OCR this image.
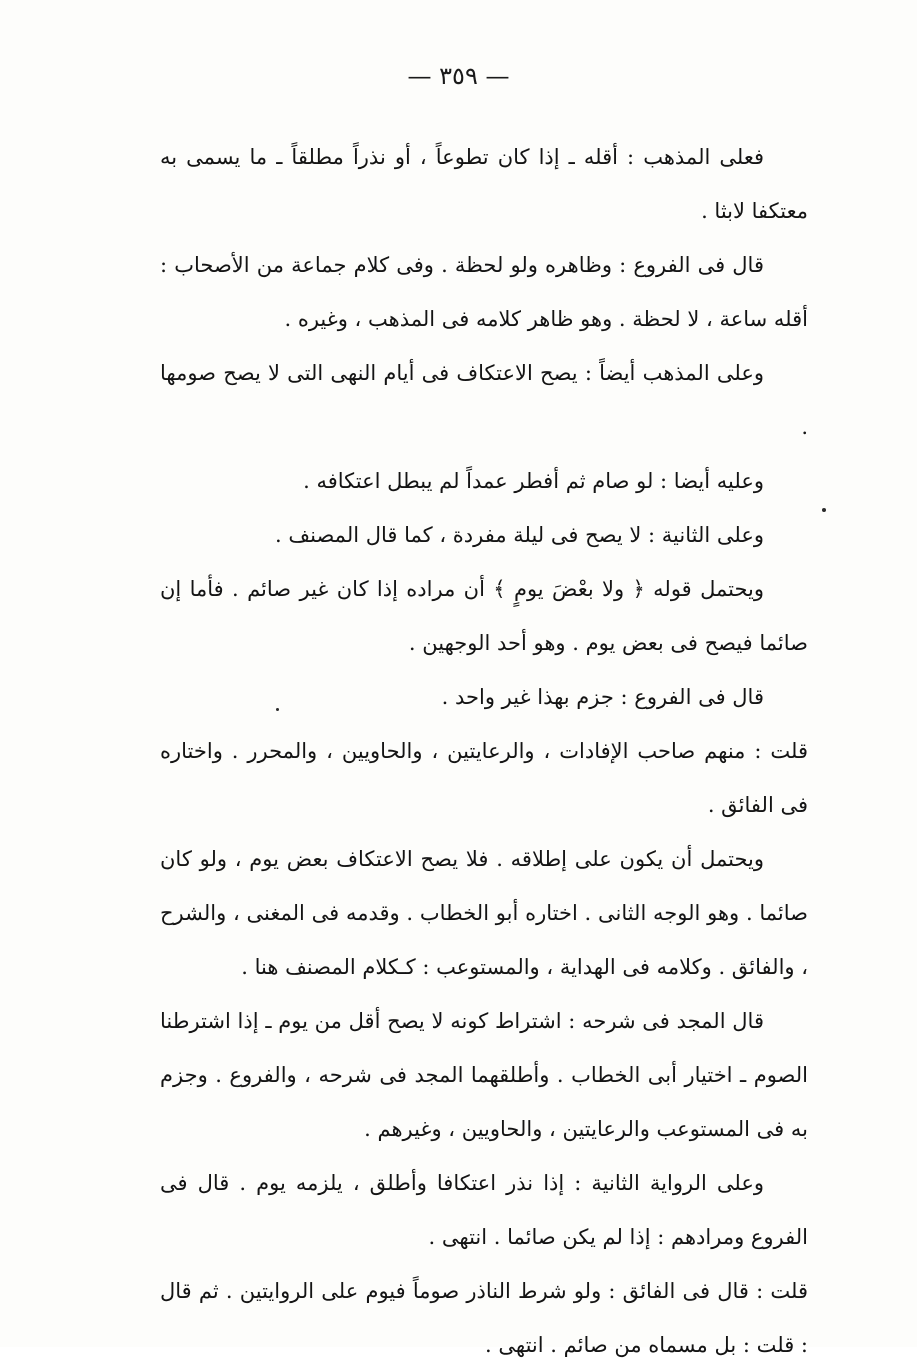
— ٣٥٩ —

فعلى المذهب : أقله ـ إذا كان تطوعاً ، أو نذراً مطلقاً ـ ما يسمى به معتكفا لابثا .

قال فى الفروع : وظاهره ولو لحظة . وفى كلام جماعة من الأصحاب : أقله ساعة ، لا لحظة . وهو ظاهر كلامه فى المذهب ، وغيره .

وعلى المذهب أيضاً : يصح الاعتكاف فى أيام النهى التى لا يصح صومها .

وعليه أيضا : لو صام ثم أفطر عمداً لم يبطل اعتكافه .

وعلى الثانية : لا يصح فى ليلة مفردة ، كما قال المصنف .

ويحتمل قوله ﴿ ولا بعْضَ يومٍ ﴾ أن مراده إذا كان غير صائم . فأما إن صائما فيصح فى بعض يوم . وهو أحد الوجهين .

قال فى الفروع : جزم بهذا غير واحد .

قلت : منهم صاحب الإفادات ، والرعايتين ، والحاويين ، والمحرر . واختاره فى الفائق .

ويحتمل أن يكون على إطلاقه . فلا يصح الاعتكاف بعض يوم ، ولو كان صائما . وهو الوجه الثانى . اختاره أبو الخطاب . وقدمه فى المغنى ، والشرح ، والفائق . وكلامه فى الهداية ، والمستوعب : كـكلام المصنف هنا .

قال المجد فى شرحه : اشتراط كونه لا يصح أقل من يوم ـ إذا اشترطنا الصوم ـ اختيار أبى الخطاب . وأطلقهما المجد فى شرحه ، والفروع . وجزم به فى المستوعب والرعايتين ، والحاويين ، وغيرهم .

وعلى الرواية الثانية : إذا نذر اعتكافا وأطلق ، يلزمه يوم . قال فى الفروع ومرادهم : إذا لم يكن صائما . انتهى .

قلت : قال فى الفائق : ولو شرط الناذر صوماً فيوم على الروايتين . ثم قال : قلت : بل مسماه من صائم . انتهى .
